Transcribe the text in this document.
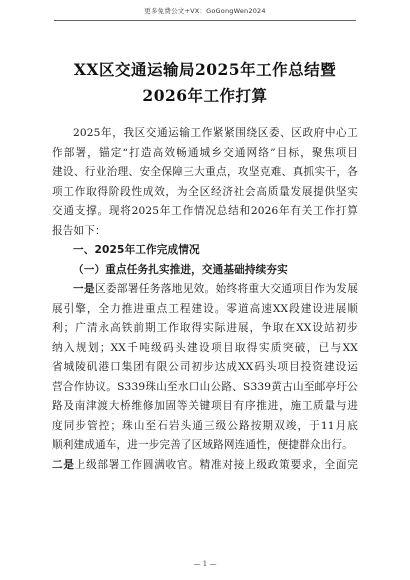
更多免费公文+VX：GoGongWen2024
XX区交通运输局2025年工作总结暨
2026年工作打算
2025年，我区交通运输工作紧紧围绕区委、区政府中心工
作部署，锚定“打造高效畅通城乡交通网络”目标，聚焦项目
建设、行业治理、安全保障三大重点，攻坚克难、真抓实干，各
项工作取得阶段性成效，为全区经济社会高质量发展提供坚实
交通支撑。现将2025年工作情况总结和2026年有关工作打算
报告如下：
一、2025年工作完成情况
（一）重点任务扎实推进，交通基础持续夯实
一是区委部署任务落地见效。始终将重大交通项目作为发展
展引擎，全力推进重点工程建设。零道高速XX段建设进展顺
利；广清永高铁前期工作取得实际进展，争取在XX设站初步
纳入规划；XX千吨级码头建设项目取得实质突破，已与XX
省城陵矶港口集团有限公司初步达成XX码头项目投资建设运
营合作协议。S339珠山至水口山公路、S339黄古山至邮亭圩公
路及南津渡大桥维修加固等关键项目有序推进，施工质量与进
度同步管控；珠山至石岩头通三级公路按期双竣，于11月底
顺利建成通车，进一步完善了区域路网连通性，便捷群众出行。
二是上级部署工作圆满收官。精准对接上级政策要求，全面完
— 1 —
